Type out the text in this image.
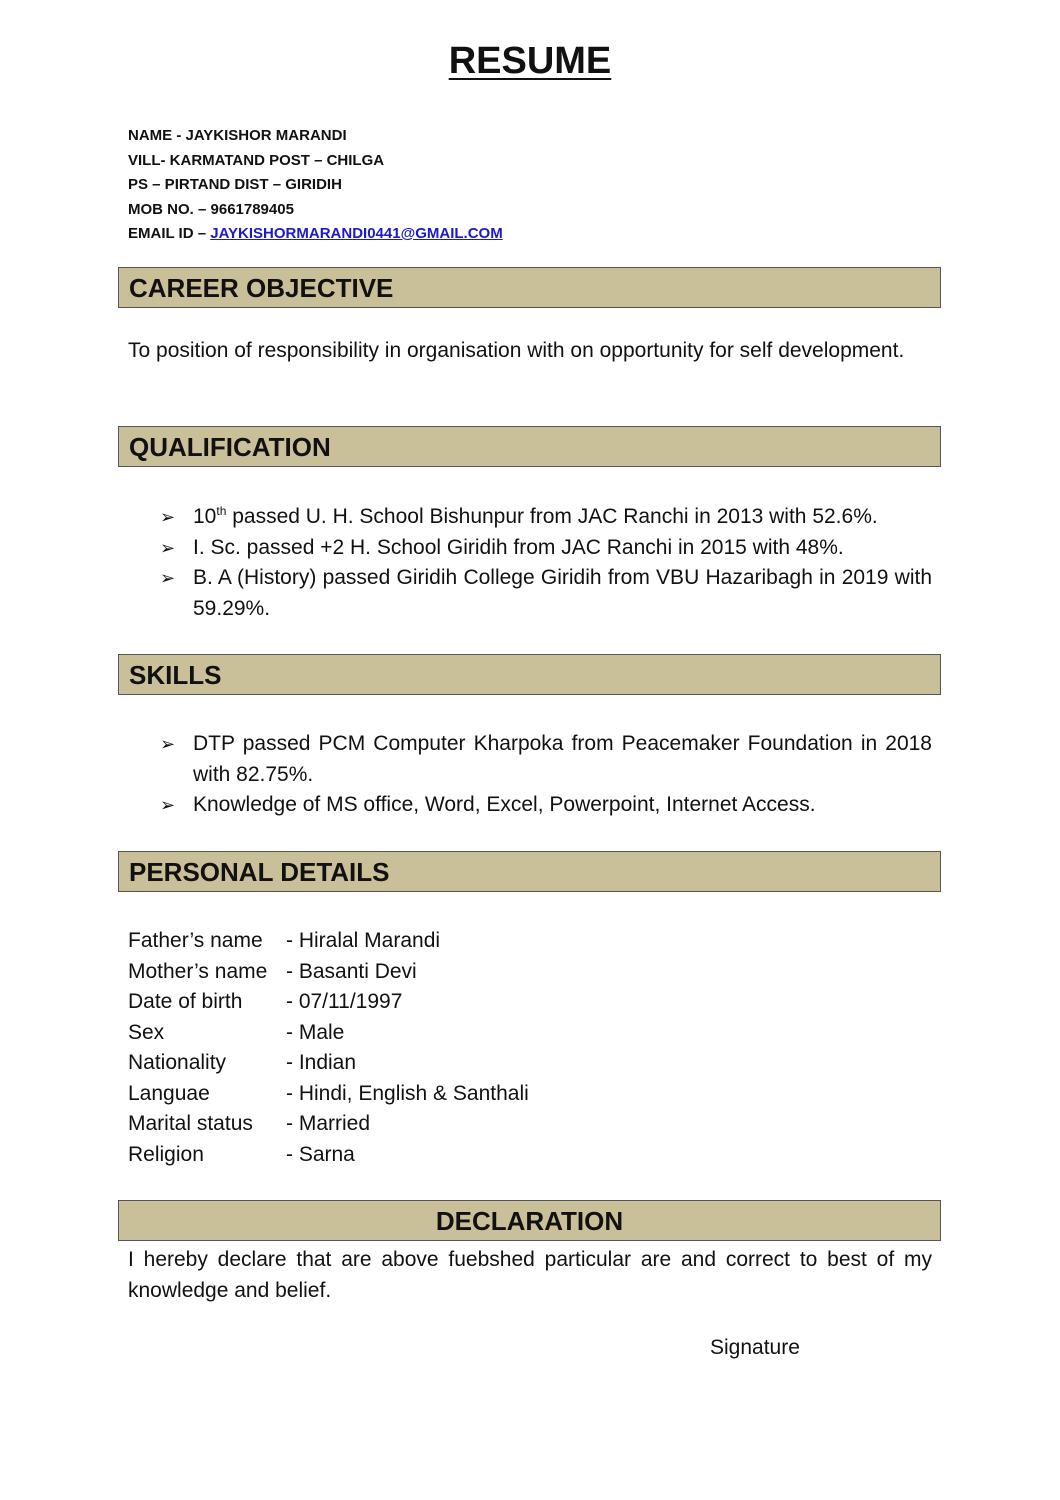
RESUME
NAME - JAYKISHOR MARANDI
VILL- KARMATAND POST – CHILGA
PS – PIRTAND DIST – GIRIDIH
MOB NO. – 9661789405
EMAIL ID – JAYKISHORMARANDI0441@GMAIL.COM
CAREER OBJECTIVE
To position of responsibility in organisation with on opportunity for self development.
QUALIFICATION
➢ 10th passed U. H. School Bishunpur from JAC Ranchi in 2013 with 52.6%.
➢ I. Sc. passed +2 H. School Giridih from JAC Ranchi in 2015 with 48%.
➢ B. A (History) passed Giridih College Giridih from VBU Hazaribagh in 2019 with 59.29%.
SKILLS
➢ DTP passed PCM Computer Kharpoka from Peacemaker Foundation in 2018 with 82.75%.
➢ Knowledge of MS office, Word, Excel, Powerpoint, Internet Access.
PERSONAL DETAILS
Father’s name	- Hiralal Marandi
Mother’s name - Basanti Devi
Date of birth	- 07/11/1997
Sex	- Male
Nationality	- Indian
Languae	- Hindi, English & Santhali
Marital status	- Married
Religion	- Sarna
DECLARATION
I hereby declare that are above fuebshed particular are and correct to best of my knowledge and belief.
Signature
